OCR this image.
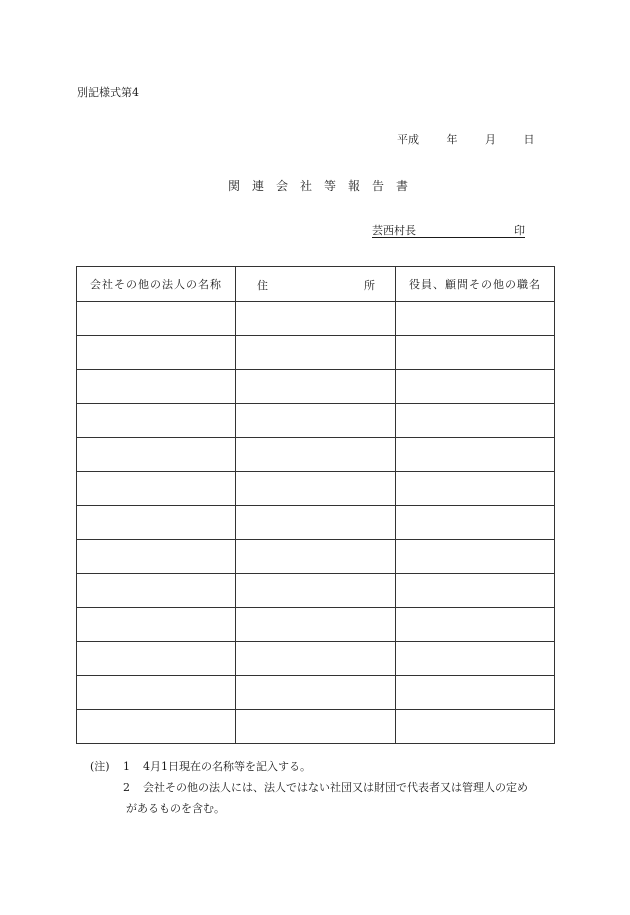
別記様式第4
平成	年	月	日
関連会社等報告書
芸西村長	印
会社その他の法人の名称	住 所	役員、顧問その他の職名

(注) 1 4月1日現在の名称等を記入する。
2 会社その他の法人には、法人ではない社団又は財団で代表者又は管理人の定め
があるものを含む。
